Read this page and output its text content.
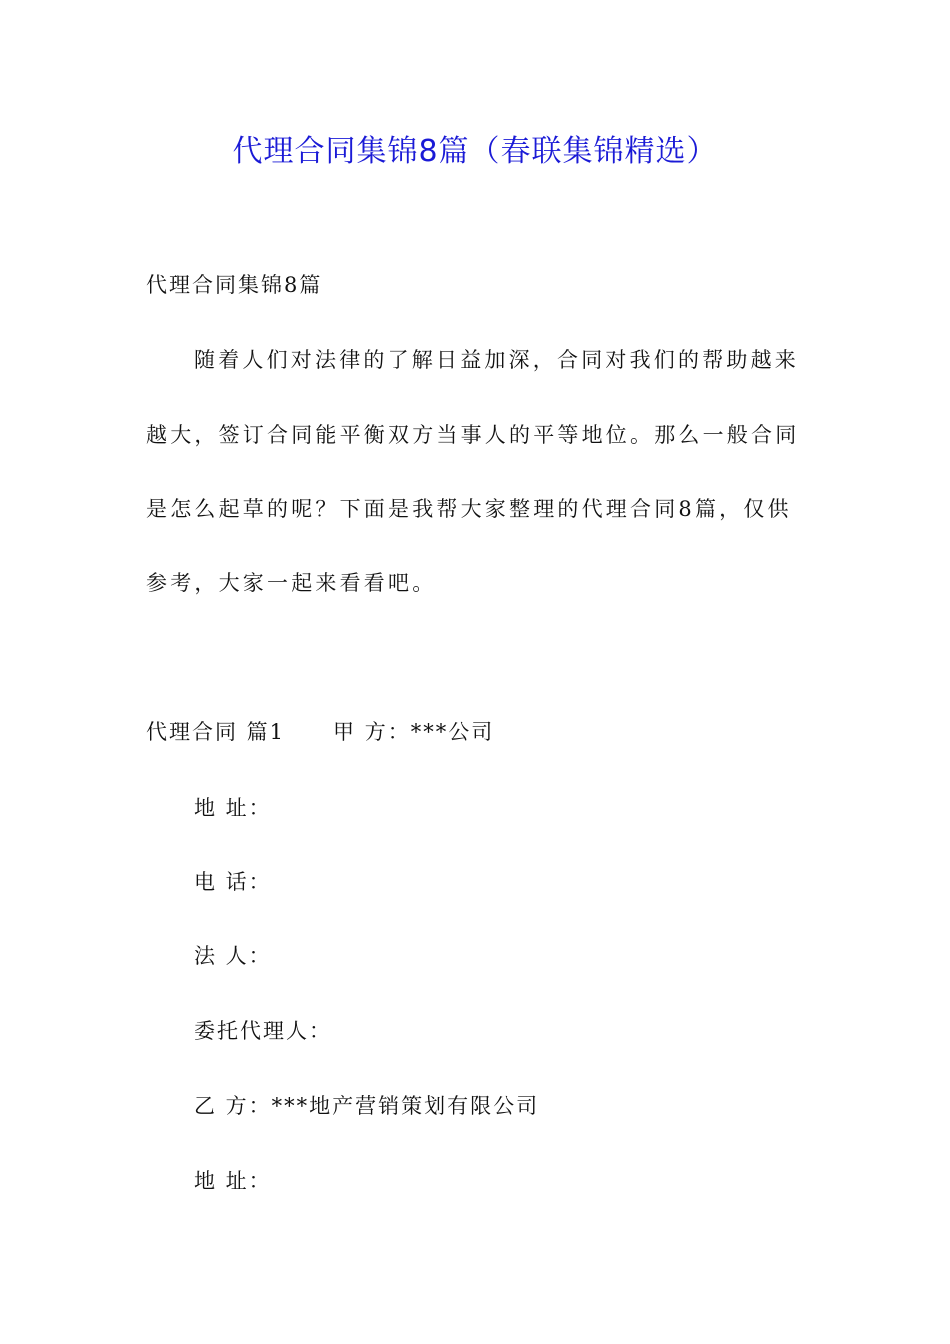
代理合同集锦8篇（春联集锦精选）
代理合同集锦8篇
随着人们对法律的了解日益加深，合同对我们的帮助越来
越大，签订合同能平衡双方当事人的平等地位。那么一般合同
是怎么起草的呢？下面是我帮大家整理的代理合同8篇，仅供
参考，大家一起来看看吧。
代理合同 篇1 甲 方：***公司
地 址：
电 话：
法 人：
委托代理人：
乙 方：***地产营销策划有限公司
地 址：
